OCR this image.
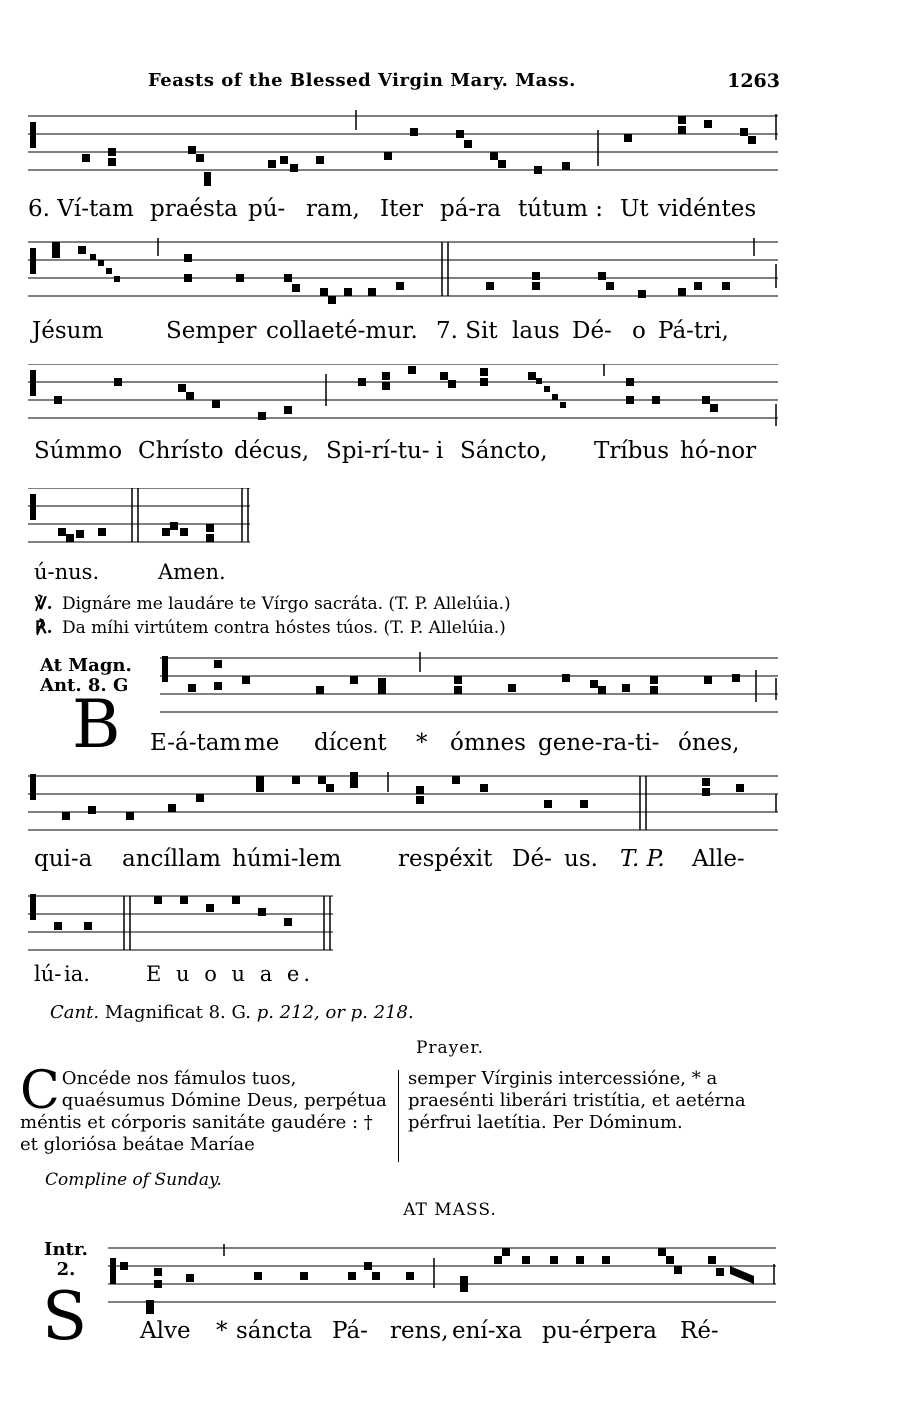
Feasts of the Blessed Virgin Mary. Mass.	1263
6. Ví-tam praésta pú- ram, Iter pá-ra tútum : Ut vidéntes
Jésum	Semper collaeté-mur. 7. Sit laus Dé- o Pá-tri,
Súmmo Chrísto décus, Spi-rí-tu- i Sáncto, Tríbus hó-nor
ú-nus.	Amen.
℣. Dignáre me laudáre te Vírgo sacráta. (T. P. Allelúia.)
℟. Da míhi virtútem contra hóstes túos. (T. P. Allelúia.)
At Magn.
Ant. 8. G
B E-á-tam me dícent * ómnes gene-ra-ti- ónes,
qui-a ancíllam húmi-lem respéxit Dé- us. T. P. Alle-
lú- ia.	E u o u a e.
Cant. Magnificat 8. G. p. 212, or p. 218.
Prayer.
C Oncéde nos fámulos tuos, quaésumus Dómine Deus, perpétua méntis et córporis sanitáte gaudére : † et gloriósa beátae Maríae
semper Vírginis intercessióne, * a praesénti liberári tristítia, et aetérna pérfrui laetítia. Per Dóminum.
Compline of Sunday.
AT MASS.
Intr.
2.
S Alve * sáncta Pá- rens, ení-xa pu-érpera Ré-
